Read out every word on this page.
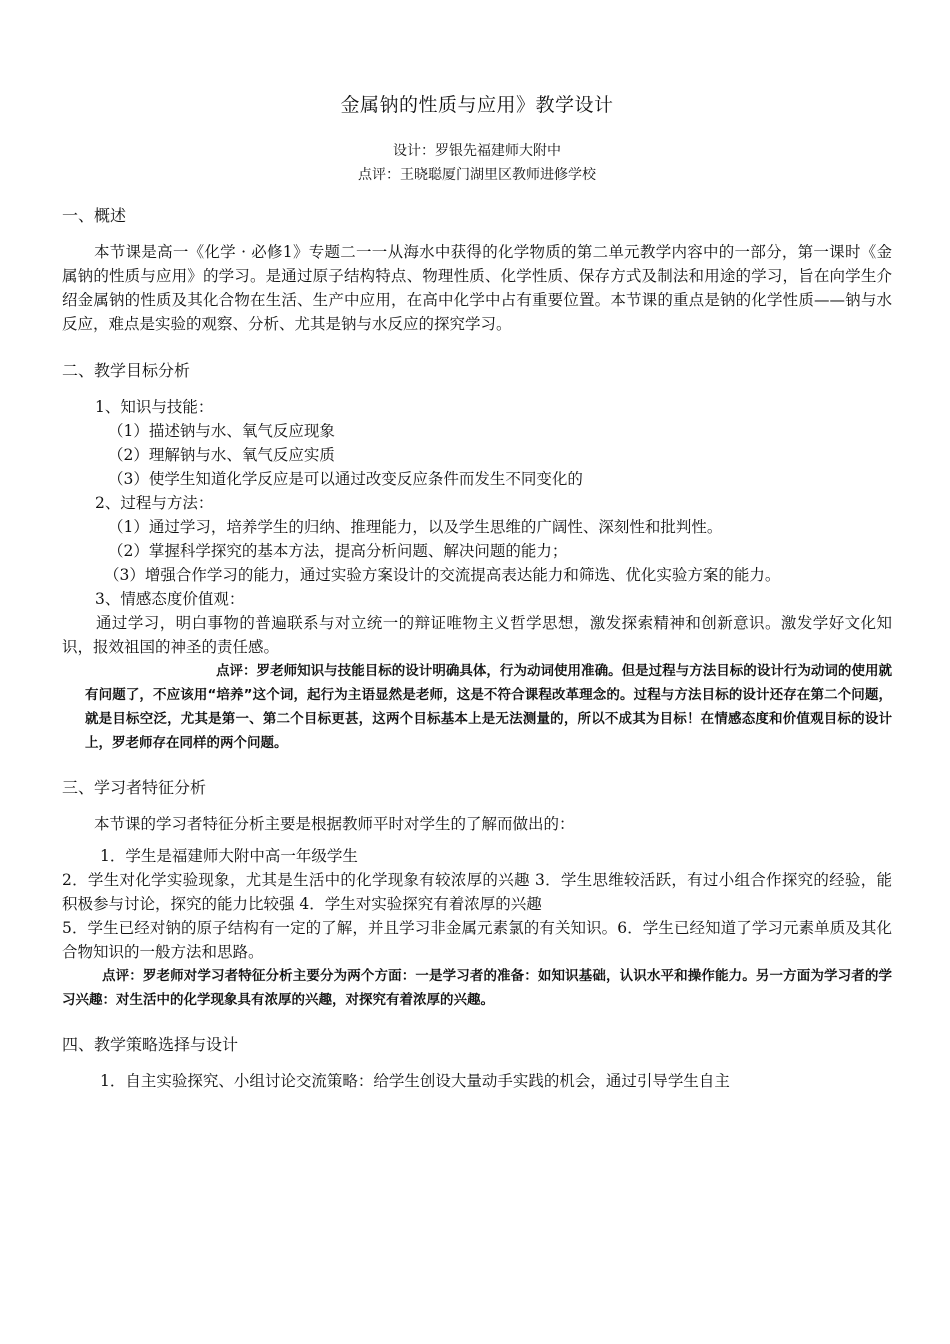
金属钠的性质与应用》教学设计
设计：罗银先福建师大附中
点评：王晓聪厦门湖里区教师进修学校
一、概述

本节课是高一《化学 · 必修1》专题二一一从海水中获得的化学物质的第二单元教学内容中的一部分，第一课时《金属钠的性质与应用》的学习。是通过原子结构特点、物理性质、化学性质、保存方式及制法和用途的学习，旨在向学生介绍金属钠的性质及其化合物在生活、生产中应用，在高中化学中占有重要位置。本节课的重点是钠的化学性质——钠与水反应，难点是实验的观察、分析、尤其是钠与水反应的探究学习。

二、教学目标分析

1、知识与技能：

（1）描述钠与水、氧气反应现象

（2）理解钠与水、氧气反应实质

（3）使学生知道化学反应是可以通过改变反应条件而发生不同变化的

2、过程与方法：

（1）通过学习，培养学生的归纳、推理能力，以及学生思维的广阔性、深刻性和批判性。

（2）掌握科学探究的基本方法，提高分析问题、解决问题的能力；

（3）增强合作学习的能力，通过实验方案设计的交流提高表达能力和筛选、优化实验方案的能力。

3、情感态度价值观：

通过学习，明白事物的普遍联系与对立统一的辩证唯物主义哲学思想，激发探索精神和创新意识。激发学好文化知识，报效祖国的神圣的责任感。

点评：罗老师知识与技能目标的设计明确具体，行为动词使用准确。但是过程与方法目标的设计行为动词的使用就有问题了，不应该用“培养”这个词，起行为主语显然是老师，这是不符合课程改革理念的。过程与方法目标的设计还存在第二个问题，就是目标空泛，尤其是第一、第二个目标更甚，这两个目标基本上是无法测量的，所以不成其为目标！在情感态度和价值观目标的设计上，罗老师存在同样的两个问题。

三、学习者特征分析

本节课的学习者特征分析主要是根据教师平时对学生的了解而做出的：

1．学生是福建师大附中高一年级学生

2．学生对化学实验现象，尤其是生活中的化学现象有较浓厚的兴趣 3．学生思维较活跃，有过小组合作探究的经验，能积极参与讨论，探究的能力比较强 4．学生对实验探究有着浓厚的兴趣

5．学生已经对钠的原子结构有一定的了解，并且学习非金属元素氯的有关知识。6．学生已经知道了学习元素单质及其化合物知识的一般方法和思路。

点评：罗老师对学习者特征分析主要分为两个方面：一是学习者的准备：如知识基础，认识水平和操作能力。另一方面为学习者的学习兴趣：对生活中的化学现象具有浓厚的兴趣，对探究有着浓厚的兴趣。

四、教学策略选择与设计

1．自主实验探究、小组讨论交流策略：给学生创设大量动手实践的机会，通过引导学生自主
